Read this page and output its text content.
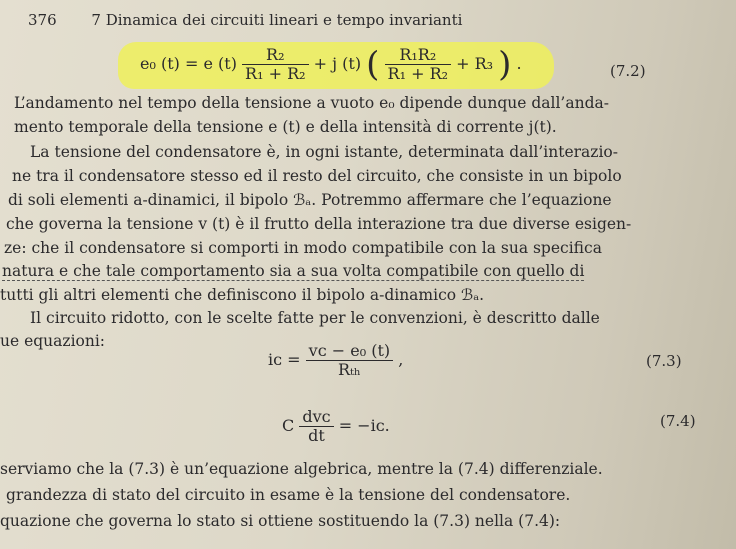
376 7 Dinamica dei circuiti lineari e tempo invarianti
e₀ (t) = e $(t) \frac{\text{R₂}}{\text{R₁ + R₂}} + j$ (t) ( $\frac{\text{R₁R₂}}{\text{R₁ + R₂}} + R_3$ ) .	(7.2)
L’andamento nel tempo della tensione a vuoto e₀ dipende dunque dall’anda-
mento temporale della tensione e (t) e della intensità di corrente j(t).
La tensione del condensatore è, in ogni istante, determinata dall’interazio-
ne tra il condensatore stesso ed il resto del circuito, che consiste in un bipolo
di soli elementi a-dinamici, il bipolo ℬₐ. Potremmo affermare che l’equazione
che governa la tensione v (t) è il frutto della interazione tra due diverse esigen-
ze: che il condensatore si comporti in modo compatibile con la sua specifica
natura e che tale comportamento sia a sua volta compatibile con quello di
tutti gli altri elementi che definiscono il bipolo a-dinamico ℬₐ.
Il circuito ridotto, con le scelte fatte per le convenzioni, è descritto dalle
ue equazioni:
iᴄ = $\frac{\text{vᴄ − e₀ (t)}}{\text{Rₜₕ}}$ ,	(7.3)
C $\frac{\text{dvᴄ}}{dt}$ = −iᴄ.	(7.4)
serviamo che la (7.3) è un’equazione algebrica, mentre la (7.4) differenziale.
grandezza di stato del circuito in esame è la tensione del condensatore.
quazione che governa lo stato si ottiene sostituendo la (7.3) nella (7.4):
